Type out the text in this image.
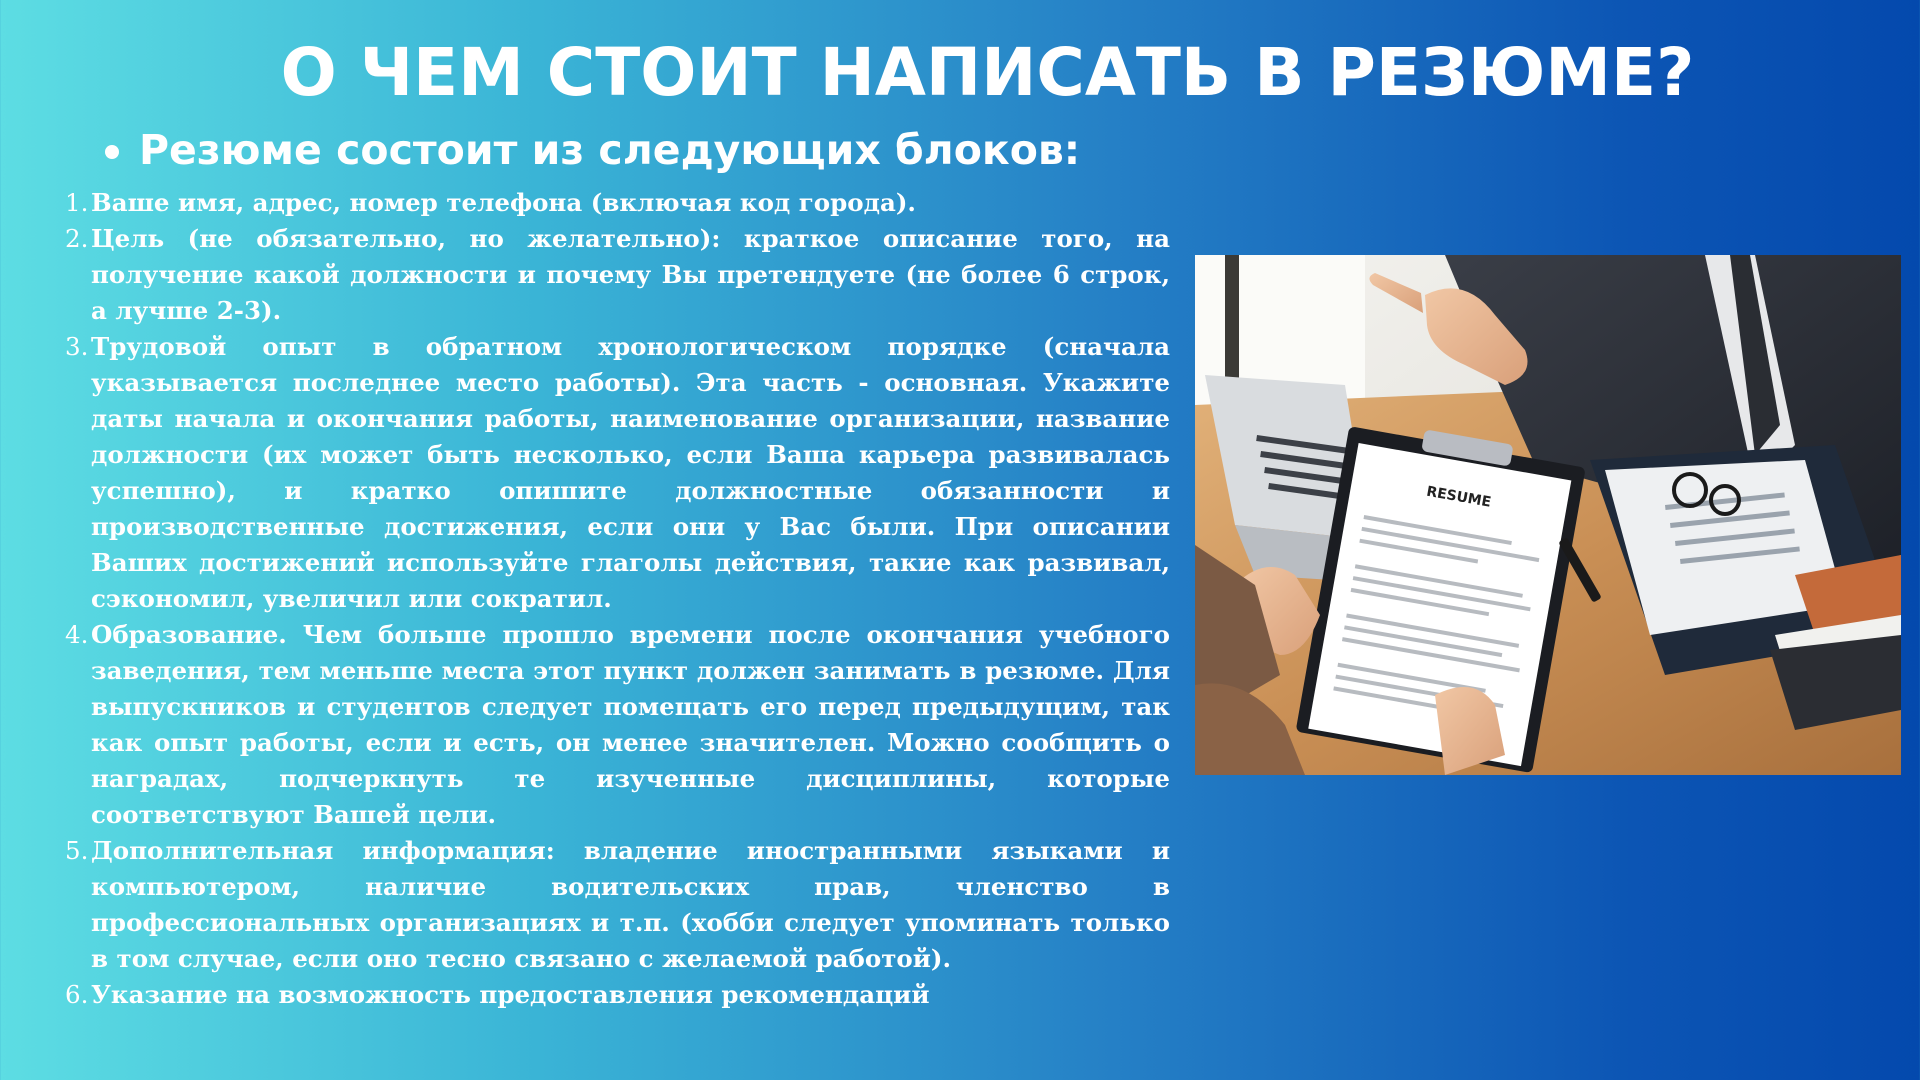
О ЧЕМ СТОИТ НАПИСАТЬ В РЕЗЮМЕ?
Резюме состоит из следующих блоков:
1. Ваше имя, адрес, номер телефона (включая код города).
2. Цель (не обязательно, но желательно): краткое описание того, на получение какой должности и почему Вы претендуете (не более 6 строк, а лучше 2-3).
3. Трудовой опыт в обратном хронологическом порядке (сначала указывается последнее место работы). Эта часть - основная. Укажите даты начала и окончания работы, наименование организации, название должности (их может быть несколько, если Ваша карьера развивалась успешно), и кратко опишите должностные обязанности и производственные достижения, если они у Вас были. При описании Ваших достижений используйте глаголы действия, такие как развивал, сэкономил, увеличил или сократил.
4. Образование. Чем больше прошло времени после окончания учебного заведения, тем меньше места этот пункт должен занимать в резюме. Для выпускников и студентов следует помещать его перед предыдущим, так как опыт работы, если и есть, он менее значителен. Можно сообщить о наградах, подчеркнуть те изученные дисциплины, которые соответствуют Вашей цели.
5. Дополнительная информация: владение иностранными языками и компьютером, наличие водительских прав, членство в профессиональных организациях и т.п. (хобби следует упоминать только в том случае, если оно тесно связано с желаемой работой).
6. Указание на возможность предоставления рекомендаций
RESUME
